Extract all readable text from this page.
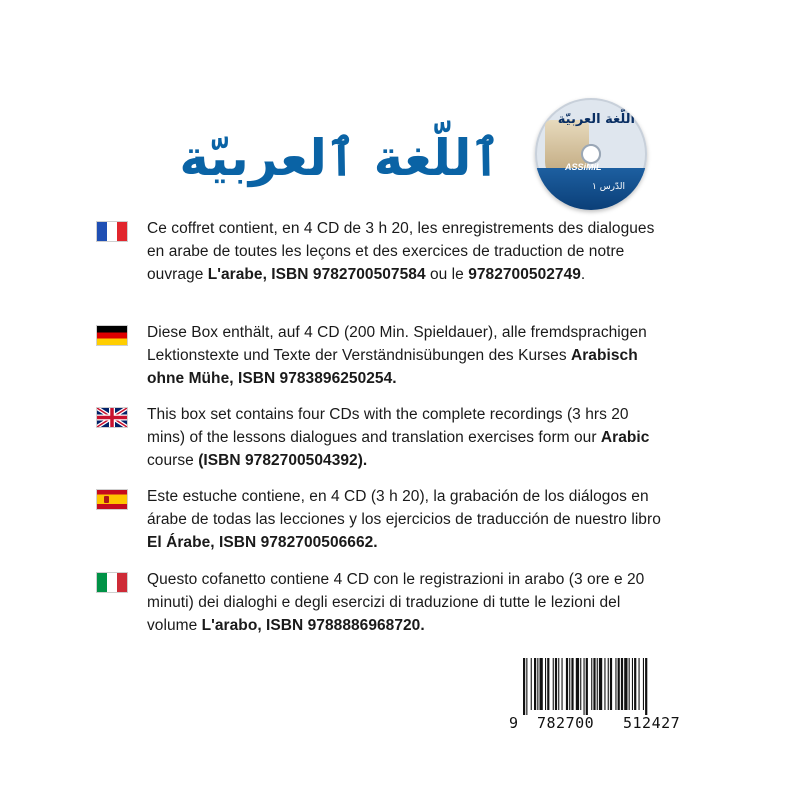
ٱللّغة ٱلعربيّة
اللّغة العربيّة
ASSiMiL
الدّرس ١
Ce coffret contient, en 4 CD de 3 h 20, les enregistrements des dialogues en arabe de toutes les leçons et des exercices de traduction de notre ouvrage L'arabe, ISBN 9782700507584 ou le 9782700502749.
Diese Box enthält, auf 4 CD (200 Min. Spieldauer), alle fremdsprachigen Lektionstexte und Texte der Verständnisübungen des Kurses Arabisch ohne Mühe, ISBN 9783896250254.
This box set contains four CDs with the complete recordings (3 hrs 20 mins) of the lessons dialogues and translation exercises form our Arabic course (ISBN 9782700504392).
Este estuche contiene, en 4 CD (3 h 20), la grabación de los diálogos en árabe de todas las lecciones y los ejercicios de traducción de nuestro libro El Árabe, ISBN 9782700506662.
Questo cofanetto contiene 4 CD con le registrazioni in arabo (3 ore e 20 minuti) dei dialoghi e degli esercizi di traduzione di tutte le lezioni del volume L'arabo, ISBN 9788886968720.
9 782700 512427
